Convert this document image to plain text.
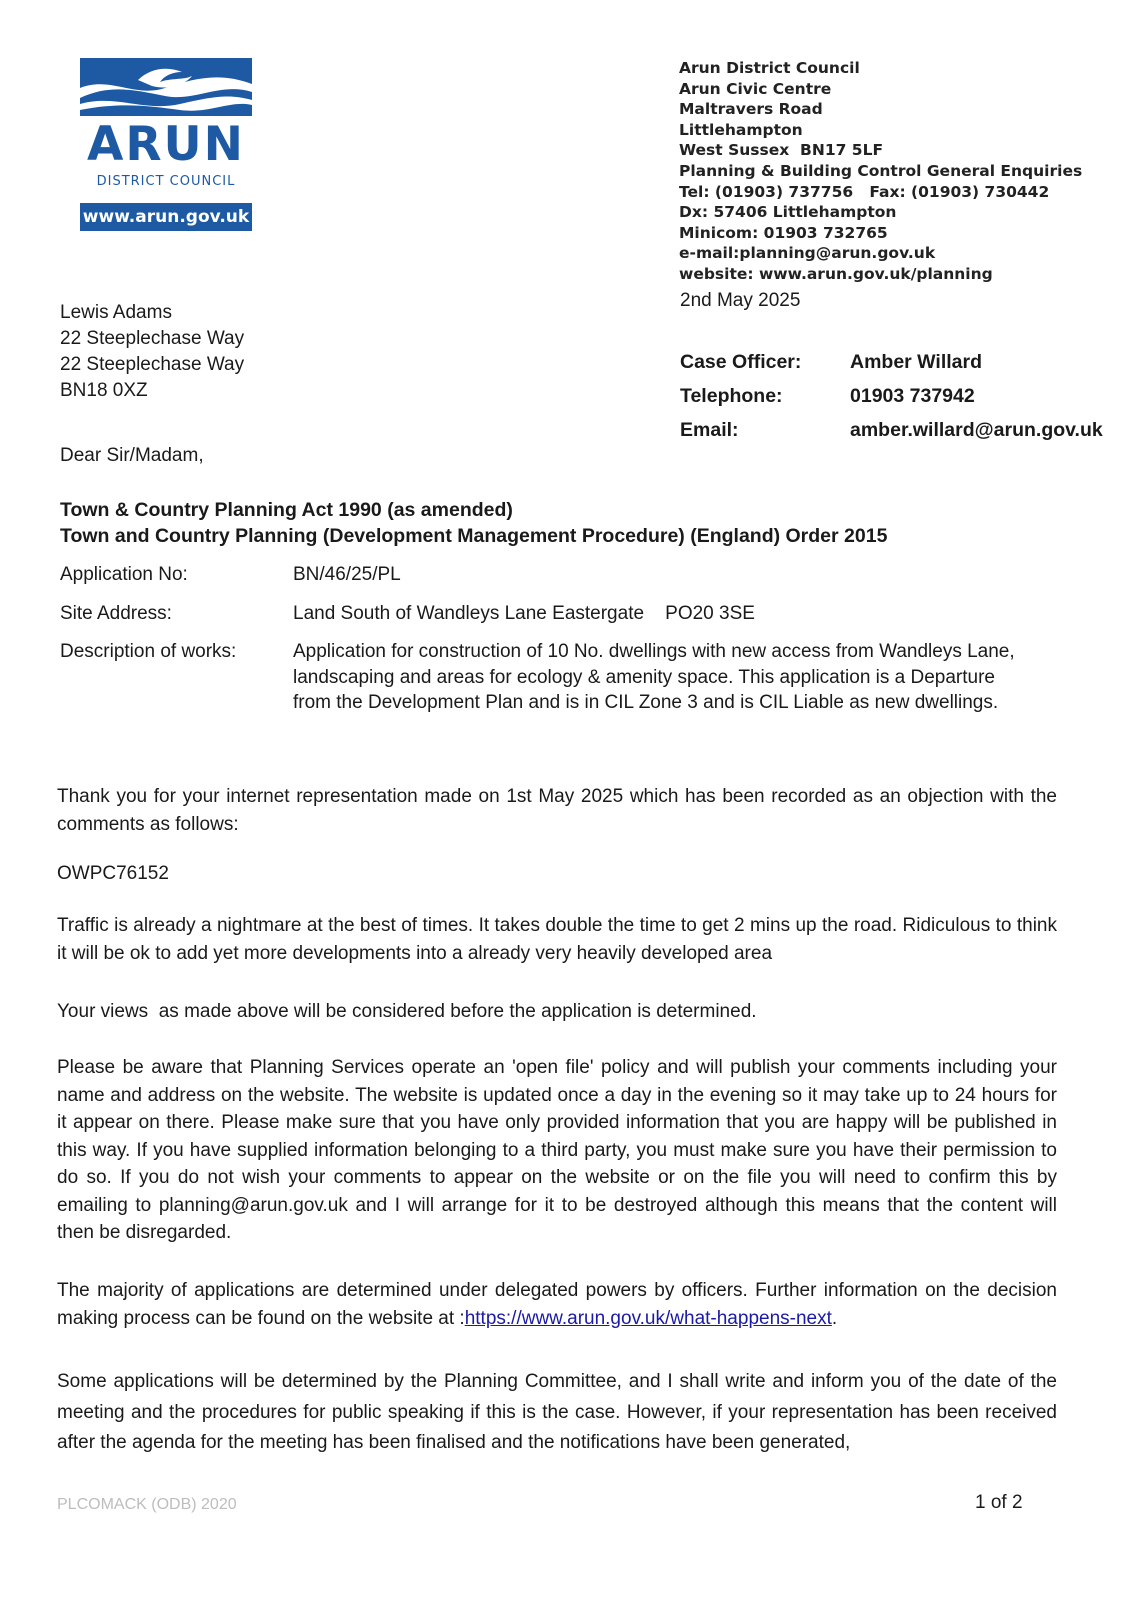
ARUN
DISTRICT COUNCIL
www.arun.gov.uk
Arun District Council
Arun Civic Centre
Maltravers Road
Littlehampton
West Sussex  BN17 5LF
Planning & Building Control General Enquiries
Tel: (01903) 737756   Fax: (01903) 730442
Dx: 57406 Littlehampton
Minicom: 01903 732765
e-mail:planning@arun.gov.uk
website: www.arun.gov.uk/planning
2nd May 2025
Lewis Adams
22 Steeplechase Way
22 Steeplechase Way
BN18 0XZ
Case Officer: Amber Willard
Telephone:	01903 737942
Email:	amber.willard@arun.gov.uk
Dear Sir/Madam,
Town & Country Planning Act 1990 (as amended)
Town and Country Planning (Development Management Procedure) (England) Order 2015
Application No:	BN/46/25/PL
Site Address:	Land South of Wandleys Lane Eastergate    PO20 3SE
Description of works:	Application for construction of 10 No. dwellings with new access from Wandleys Lane, landscaping and areas for ecology & amenity space. This application is a Departure from the Development Plan and is in CIL Zone 3 and is CIL Liable as new dwellings.
Thank you for your internet representation made on 1st May 2025 which has been recorded as an objection with the comments as follows:
OWPC76152
Traffic is already a nightmare at the best of times. It takes double the time to get 2 mins up the road. Ridiculous to think it will be ok to add yet more developments into a already very heavily developed area
Your views  as made above will be considered before the application is determined.
Please be aware that Planning Services operate an 'open file' policy and will publish your comments including your name and address on the website. The website is updated once a day in the evening so it may take up to 24 hours for it appear on there. Please make sure that you have only provided information that you are happy will be published in this way. If you have supplied information belonging to a third party, you must make sure you have their permission to do so. If you do not wish your comments to appear on the website or on the file you will need to confirm this by emailing to planning@arun.gov.uk and I will arrange for it to be destroyed although this means that the content will then be disregarded.
The majority of applications are determined under delegated powers by officers. Further information on the decision making process can be found on the website at :https://www.arun.gov.uk/what-happens-next.
Some applications will be determined by the Planning Committee, and I shall write and inform you of the date of the meeting and the procedures for public speaking if this is the case. However, if your representation has been received after the agenda for the meeting has been finalised and the notifications have been generated,
PLCOMACK (ODB) 2020	1 of 2
